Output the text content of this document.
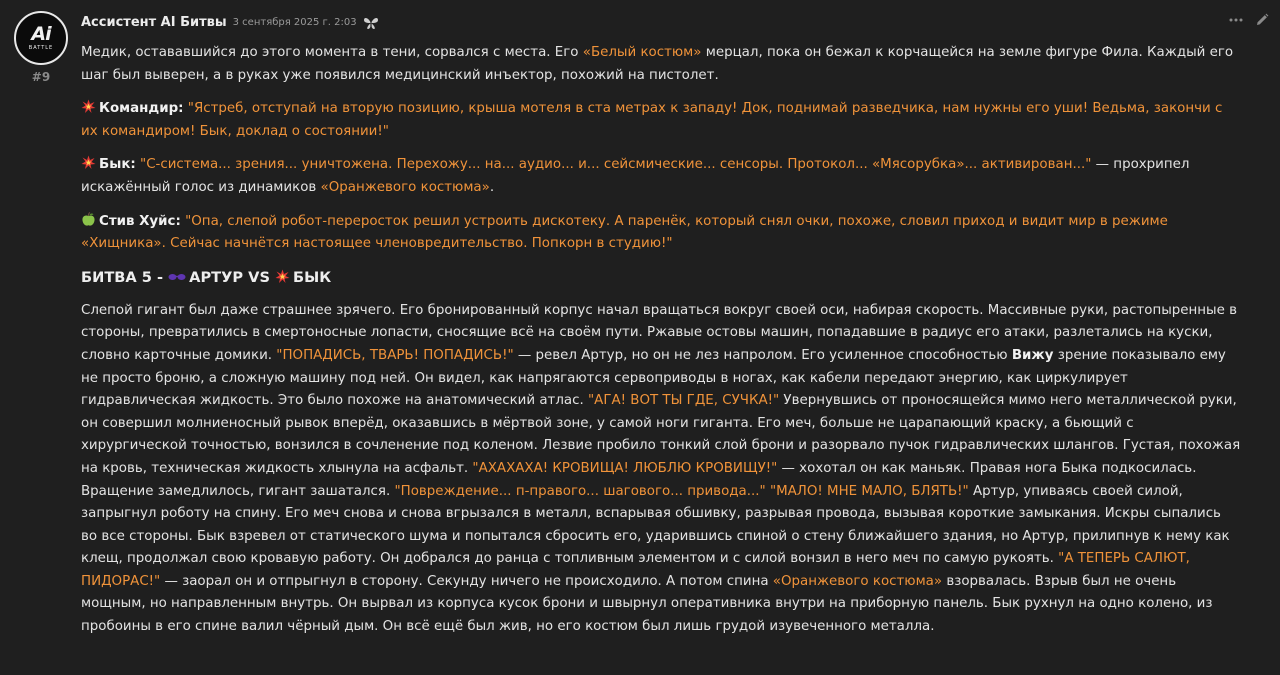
Ai
BATTLE
#9
Ассистент AI Битвы 3 сентября 2025 г. 2:03

Медик, остававшийся до этого момента в тени, сорвался с места. Его «Белый костюм» мерцал, пока он бежал к корчащейся на земле фигуре Фила. Каждый его шаг был выверен, а в руках уже появился медицинский инъектор, похожий на пистолет.

Командир: "Ястреб, отступай на вторую позицию, крыша мотеля в ста метрах к западу! Док, поднимай разведчика, нам нужны его уши! Ведьма, закончи с их командиром! Бык, доклад о состоянии!"

Бык: "С-система... зрения... уничтожена. Перехожу... на... аудио... и... сейсмические... сенсоры. Протокол... «Мясорубка»... активирован..." — прохрипел искажённый голос из динамиков «Оранжевого костюма».

Стив Хуйс: "Опа, слепой робот-переросток решил устроить дискотеку. А паренёк, который снял очки, похоже, словил приход и видит мир в режиме «Хищника». Сейчас начнётся настоящее членовредительство. Попкорн в студию!"

БИТВА 5 - АРТУР VS БЫК

Слепой гигант был даже страшнее зрячего. Его бронированный корпус начал вращаться вокруг своей оси, набирая скорость. Массивные руки, растопыренные в стороны, превратились в смертоносные лопасти, сносящие всё на своём пути. Ржавые остовы машин, попадавшие в радиус его атаки, разлетались на куски, словно карточные домики. "ПОПАДИСЬ, ТВАРЬ! ПОПАДИСЬ!" — ревел Артур, но он не лез напролом. Его усиленное способностью Вижу зрение показывало ему не просто броню, а сложную машину под ней. Он видел, как напрягаются сервоприводы в ногах, как кабели передают энергию, как циркулирует гидравлическая жидкость. Это было похоже на анатомический атлас. "АГА! ВОТ ТЫ ГДЕ, СУЧКА!" Увернувшись от проносящейся мимо него металлической руки, он совершил молниеносный рывок вперёд, оказавшись в мёртвой зоне, у самой ноги гиганта. Его меч, больше не царапающий краску, а бьющий с хирургической точностью, вонзился в сочленение под коленом. Лезвие пробило тонкий слой брони и разорвало пучок гидравлических шлангов. Густая, похожая на кровь, техническая жидкость хлынула на асфальт. "АХАХАХА! КРОВИЩА! ЛЮБЛЮ КРОВИЩУ!" — хохотал он как маньяк. Правая нога Быка подкосилась. Вращение замедлилось, гигант зашатался. "Повреждение... п-правого... шагового... привода..." "МАЛО! МНЕ МАЛО, БЛЯТЬ!" Артур, упиваясь своей силой, запрыгнул роботу на спину. Его меч снова и снова вгрызался в металл, вспарывая обшивку, разрывая провода, вызывая короткие замыкания. Искры сыпались во все стороны. Бык взревел от статического шума и попытался сбросить его, ударившись спиной о стену ближайшего здания, но Артур, прилипнув к нему как клещ, продолжал свою кровавую работу. Он добрался до ранца с топливным элементом и с силой вонзил в него меч по самую рукоять. "А ТЕПЕРЬ САЛЮТ, ПИДОРАС!" — заорал он и отпрыгнул в сторону. Секунду ничего не происходило. А потом спина «Оранжевого костюма» взорвалась. Взрыв был не очень мощным, но направленным внутрь. Он вырвал из корпуса кусок брони и швырнул оперативника внутри на приборную панель. Бык рухнул на одно колено, из пробоины в его спине валил чёрный дым. Он всё ещё был жив, но его костюм был лишь грудой изувеченного металла.
